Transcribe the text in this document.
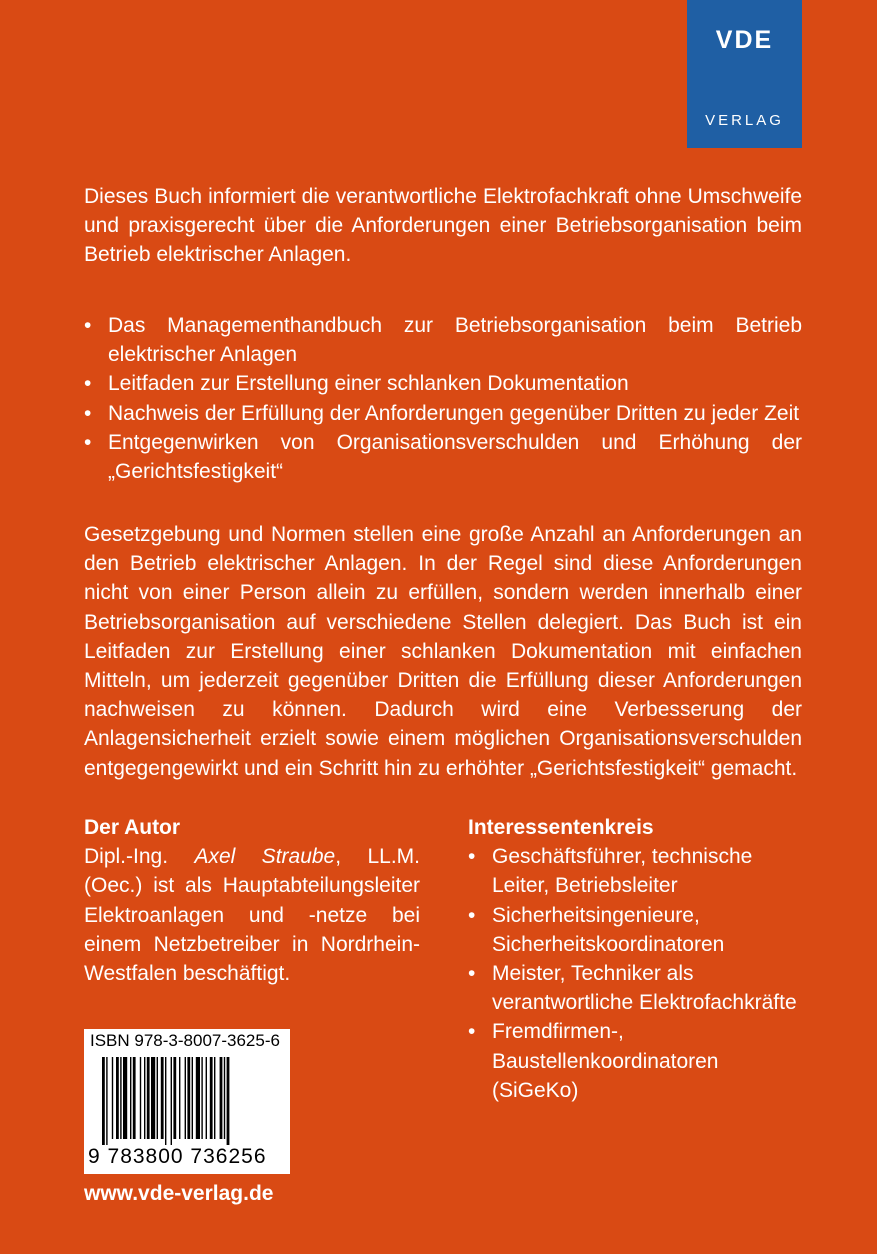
VDE
VERLAG
Dieses Buch informiert die verantwortliche Elektrofachkraft ohne Umschweife und praxisgerecht über die Anforderungen einer Betriebsorganisation beim Betrieb elektrischer Anlagen.
• Das Managementhandbuch zur Betriebsorganisation beim Betrieb elektrischer Anlagen
• Leitfaden zur Erstellung einer schlanken Dokumentation
• Nachweis der Erfüllung der Anforderungen gegenüber Dritten zu jeder Zeit
• Entgegenwirken von Organisationsverschulden und Erhöhung der „Gerichtsfestigkeit“
Gesetzgebung und Normen stellen eine große Anzahl an Anforderungen an den Betrieb elektrischer Anlagen. In der Regel sind diese Anforderungen nicht von einer Person allein zu erfüllen, sondern werden innerhalb einer Betriebsorganisation auf verschiedene Stellen delegiert. Das Buch ist ein Leitfaden zur Erstellung einer schlanken Dokumentation mit einfachen Mitteln, um jederzeit gegenüber Dritten die Erfüllung dieser Anforderungen nachweisen zu können. Dadurch wird eine Verbesserung der Anlagensicherheit erzielt sowie einem möglichen Organisationsverschulden entgegengewirkt und ein Schritt hin zu erhöhter „Gerichtsfestigkeit“ gemacht.
Der Autor

Dipl.-Ing. Axel Straube, LL.M. (Oec.) ist als Hauptabteilungsleiter Elektroanlagen und -netze bei einem Netzbetreiber in Nordrhein-Westfalen beschäftigt.

Interessentenkreis
• Geschäftsführer, technische Leiter, Betriebsleiter
• Sicherheitsingenieure, Sicherheitskoordinatoren
• Meister, Techniker als verantwortliche Elektrofachkräfte
• Fremdfirmen-, Baustellenkoordinatoren (SiGeKo)
ISBN 978-3-8007-3625-6
9 783800 736256
www.vde-verlag.de
